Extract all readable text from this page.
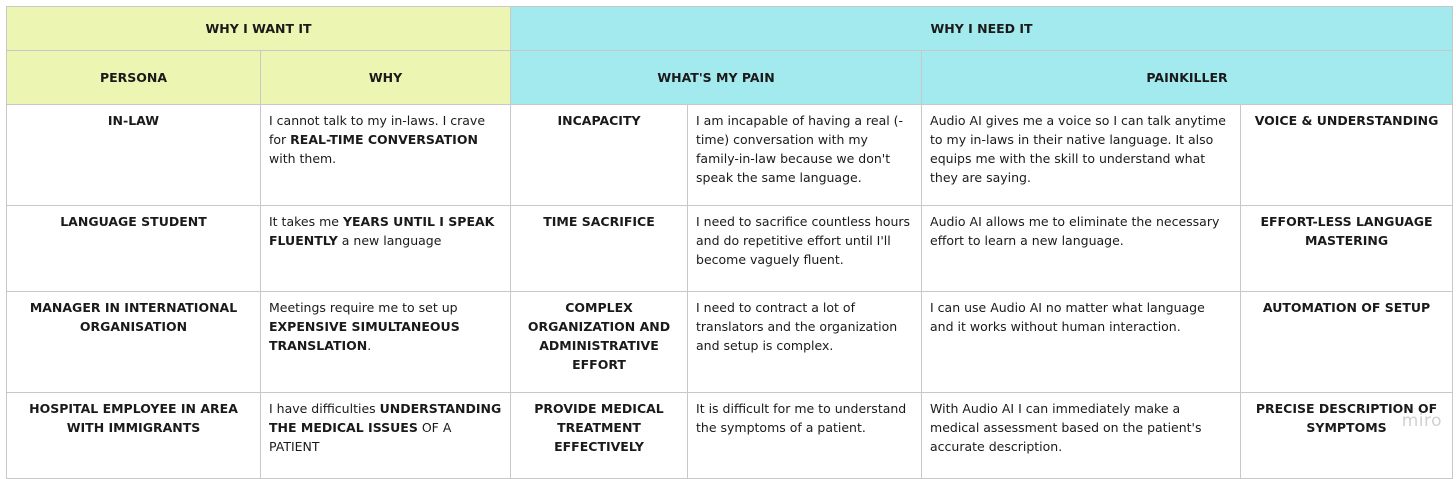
WHY I WANT IT		WHY I NEED IT			
PERSONA	WHY	WHAT'S MY PAIN		PAINKILLER	
IN-LAW	I cannot talk to my in-laws. I crave for REAL-TIME CONVERSATION with them.	INCAPACITY	I am incapable of having a real (-time) conversation with my family-in-law because we don't speak the same language.	Audio AI gives me a voice so I can talk anytime to my in-laws in their native language. It also equips me with the skill to understand what they are saying.	VOICE & UNDERSTANDING
LANGUAGE STUDENT	It takes me YEARS UNTIL I SPEAK FLUENTLY a new language	TIME SACRIFICE	I need to sacrifice countless hours and do repetitive effort until I'll become vaguely fluent.	Audio AI allows me to eliminate the necessary effort to learn a new language.	EFFORT-LESS LANGUAGE MASTERING
MANAGER IN INTERNATIONAL ORGANISATION	Meetings require me to set up EXPENSIVE SIMULTANEOUS TRANSLATION.	COMPLEX ORGANIZATION AND ADMINISTRATIVE EFFORT	I need to contract a lot of translators and the organization and setup is complex.	I can use Audio AI no matter what language and it works without human interaction.	AUTOMATION OF SETUP
HOSPITAL EMPLOYEE IN AREA WITH IMMIGRANTS	I have difficulties UNDERSTANDING THE MEDICAL ISSUES OF A PATIENT	PROVIDE MEDICAL TREATMENT EFFECTIVELY	It is difficult for me to understand the symptoms of a patient.	With Audio AI I can immediately make a medical assessment based on the patient's accurate description.	PRECISE DESCRIPTION OF SYMPTOMS miro
